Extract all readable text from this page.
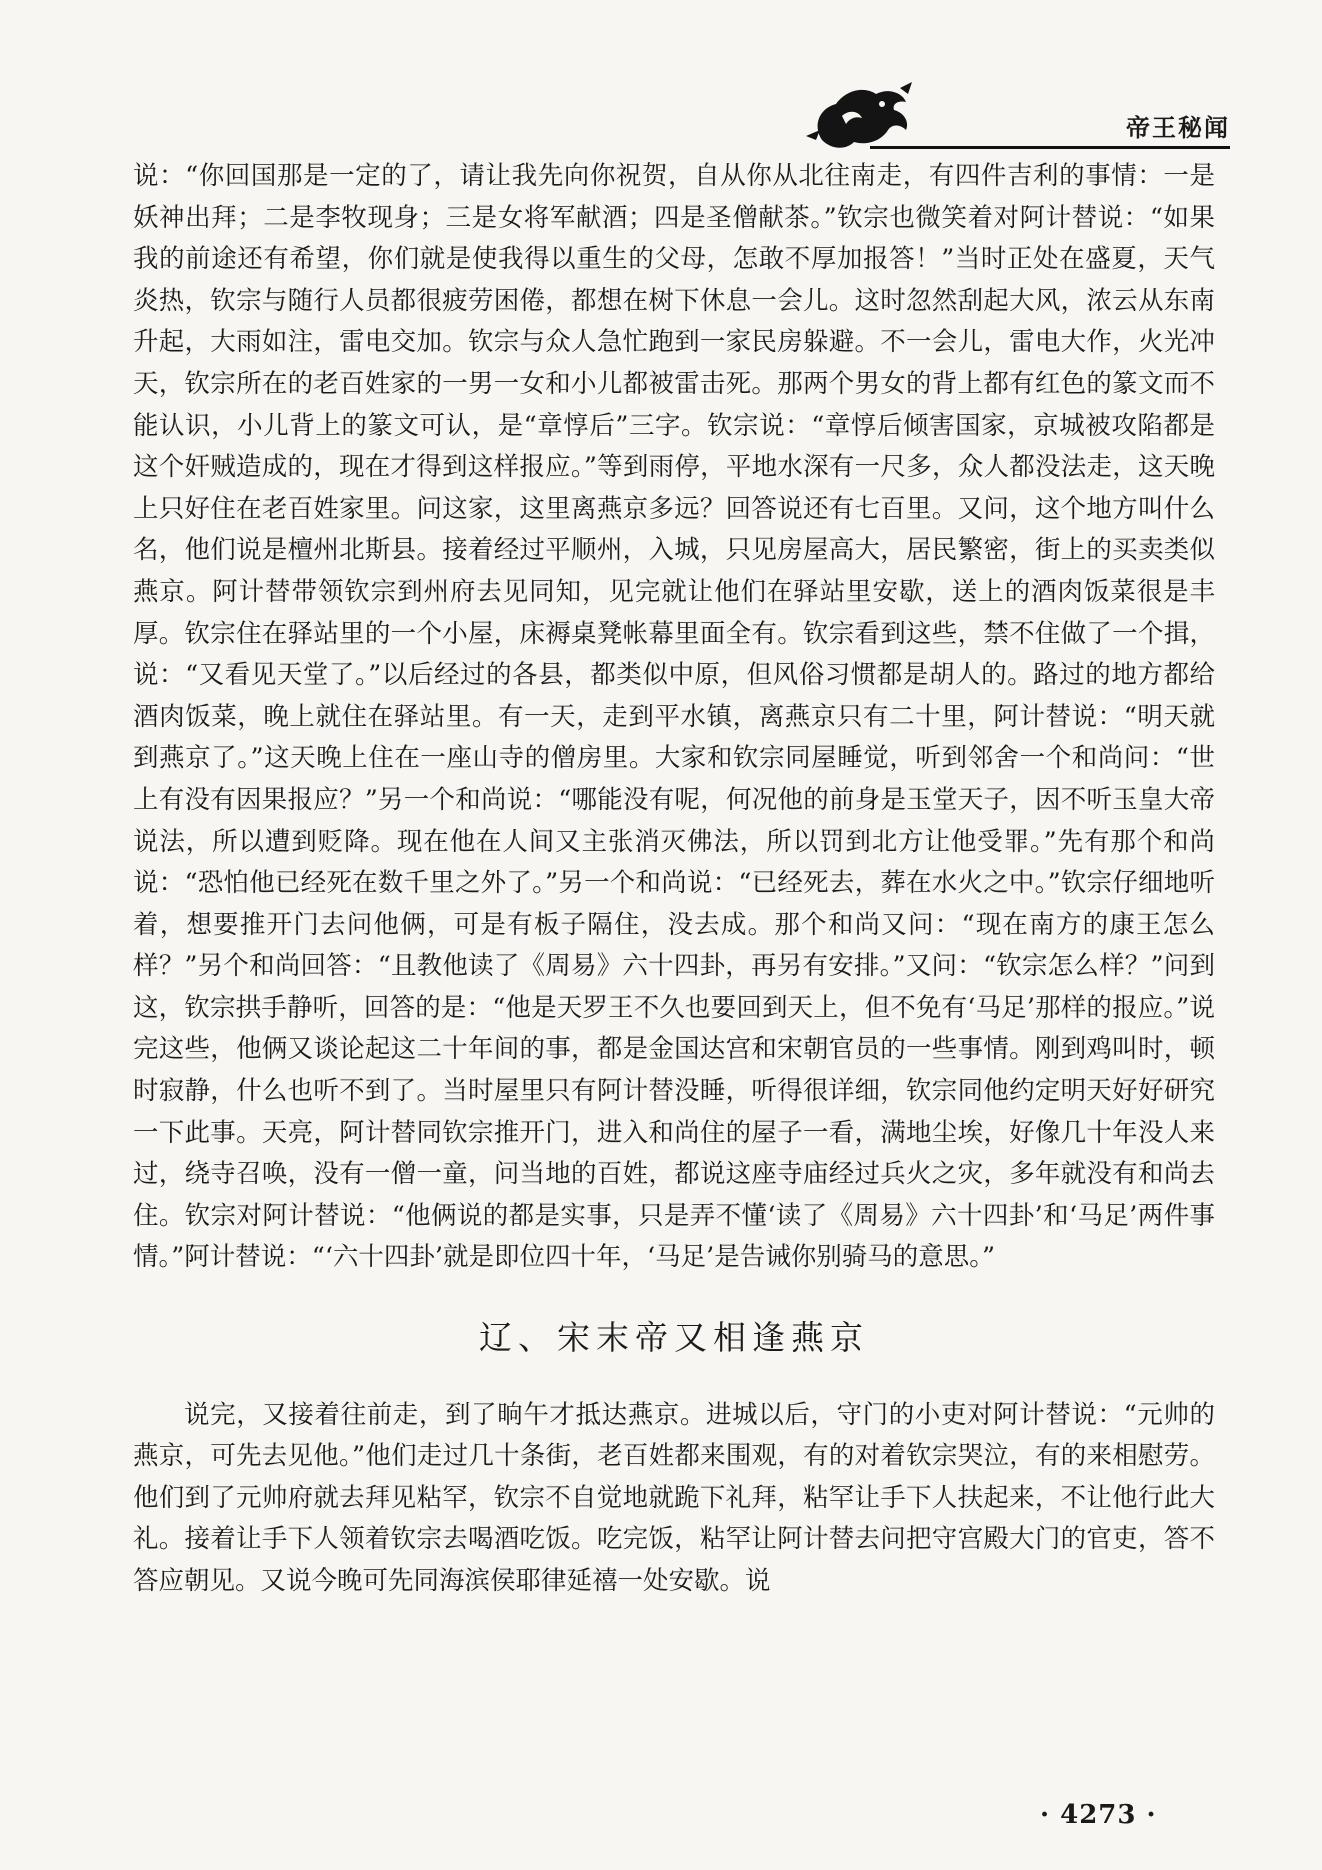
帝王秘闻

说：“你回国那是一定的了，请让我先向你祝贺，自从你从北往南走，有四件吉利的事情：一是妖神出拜；二是李牧现身；三是女将军献酒；四是圣僧献茶。”钦宗也微笑着对阿计替说：“如果我的前途还有希望，你们就是使我得以重生的父母，怎敢不厚加报答！”当时正处在盛夏，天气炎热，钦宗与随行人员都很疲劳困倦，都想在树下休息一会儿。这时忽然刮起大风，浓云从东南升起，大雨如注，雷电交加。钦宗与众人急忙跑到一家民房躲避。不一会儿，雷电大作，火光冲天，钦宗所在的老百姓家的一男一女和小儿都被雷击死。那两个男女的背上都有红色的篆文而不能认识，小儿背上的篆文可认，是“章惇后”三字。钦宗说：“章惇后倾害国家，京城被攻陷都是这个奸贼造成的，现在才得到这样报应。”等到雨停，平地水深有一尺多，众人都没法走，这天晚上只好住在老百姓家里。问这家，这里离燕京多远？回答说还有七百里。又问，这个地方叫什么名，他们说是檀州北斯县。接着经过平顺州，入城，只见房屋高大，居民繁密，街上的买卖类似燕京。阿计替带领钦宗到州府去见同知，见完就让他们在驿站里安歇，送上的酒肉饭菜很是丰厚。钦宗住在驿站里的一个小屋，床褥桌凳帐幕里面全有。钦宗看到这些，禁不住做了一个揖，说：“又看见天堂了。”以后经过的各县，都类似中原，但风俗习惯都是胡人的。路过的地方都给酒肉饭菜，晚上就住在驿站里。有一天，走到平水镇，离燕京只有二十里，阿计替说：“明天就到燕京了。”这天晚上住在一座山寺的僧房里。大家和钦宗同屋睡觉，听到邻舍一个和尚问：“世上有没有因果报应？”另一个和尚说：“哪能没有呢，何况他的前身是玉堂天子，因不听玉皇大帝说法，所以遭到贬降。现在他在人间又主张消灭佛法，所以罚到北方让他受罪。”先有那个和尚说：“恐怕他已经死在数千里之外了。”另一个和尚说：“已经死去，葬在水火之中。”钦宗仔细地听着，想要推开门去问他俩，可是有板子隔住，没去成。那个和尚又问：“现在南方的康王怎么样？”另个和尚回答：“且教他读了《周易》六十四卦，再另有安排。”又问：“钦宗怎么样？”问到这，钦宗拱手静听，回答的是：“他是天罗王不久也要回到天上，但不免有‘马足’那样的报应。”说完这些，他俩又谈论起这二十年间的事，都是金国达宫和宋朝官员的一些事情。刚到鸡叫时，顿时寂静，什么也听不到了。当时屋里只有阿计替没睡，听得很详细，钦宗同他约定明天好好研究一下此事。天亮，阿计替同钦宗推开门，进入和尚住的屋子一看，满地尘埃，好像几十年没人来过，绕寺召唤，没有一僧一童，问当地的百姓，都说这座寺庙经过兵火之灾，多年就没有和尚去住。钦宗对阿计替说：“他俩说的都是实事，只是弄不懂‘读了《周易》六十四卦’和‘马足’两件事情。”阿计替说：“‘六十四卦’就是即位四十年，‘马足’是告诫你别骑马的意思。”

辽、宋末帝又相逢燕京

说完，又接着往前走，到了晌午才抵达燕京。进城以后，守门的小吏对阿计替说：“元帅的燕京，可先去见他。”他们走过几十条街，老百姓都来围观，有的对着钦宗哭泣，有的来相慰劳。他们到了元帅府就去拜见粘罕，钦宗不自觉地就跪下礼拜，粘罕让手下人扶起来，不让他行此大礼。接着让手下人领着钦宗去喝酒吃饭。吃完饭，粘罕让阿计替去问把守宫殿大门的官吏，答不答应朝见。又说今晚可先同海滨侯耶律延禧一处安歇。说

· 4273 ·
